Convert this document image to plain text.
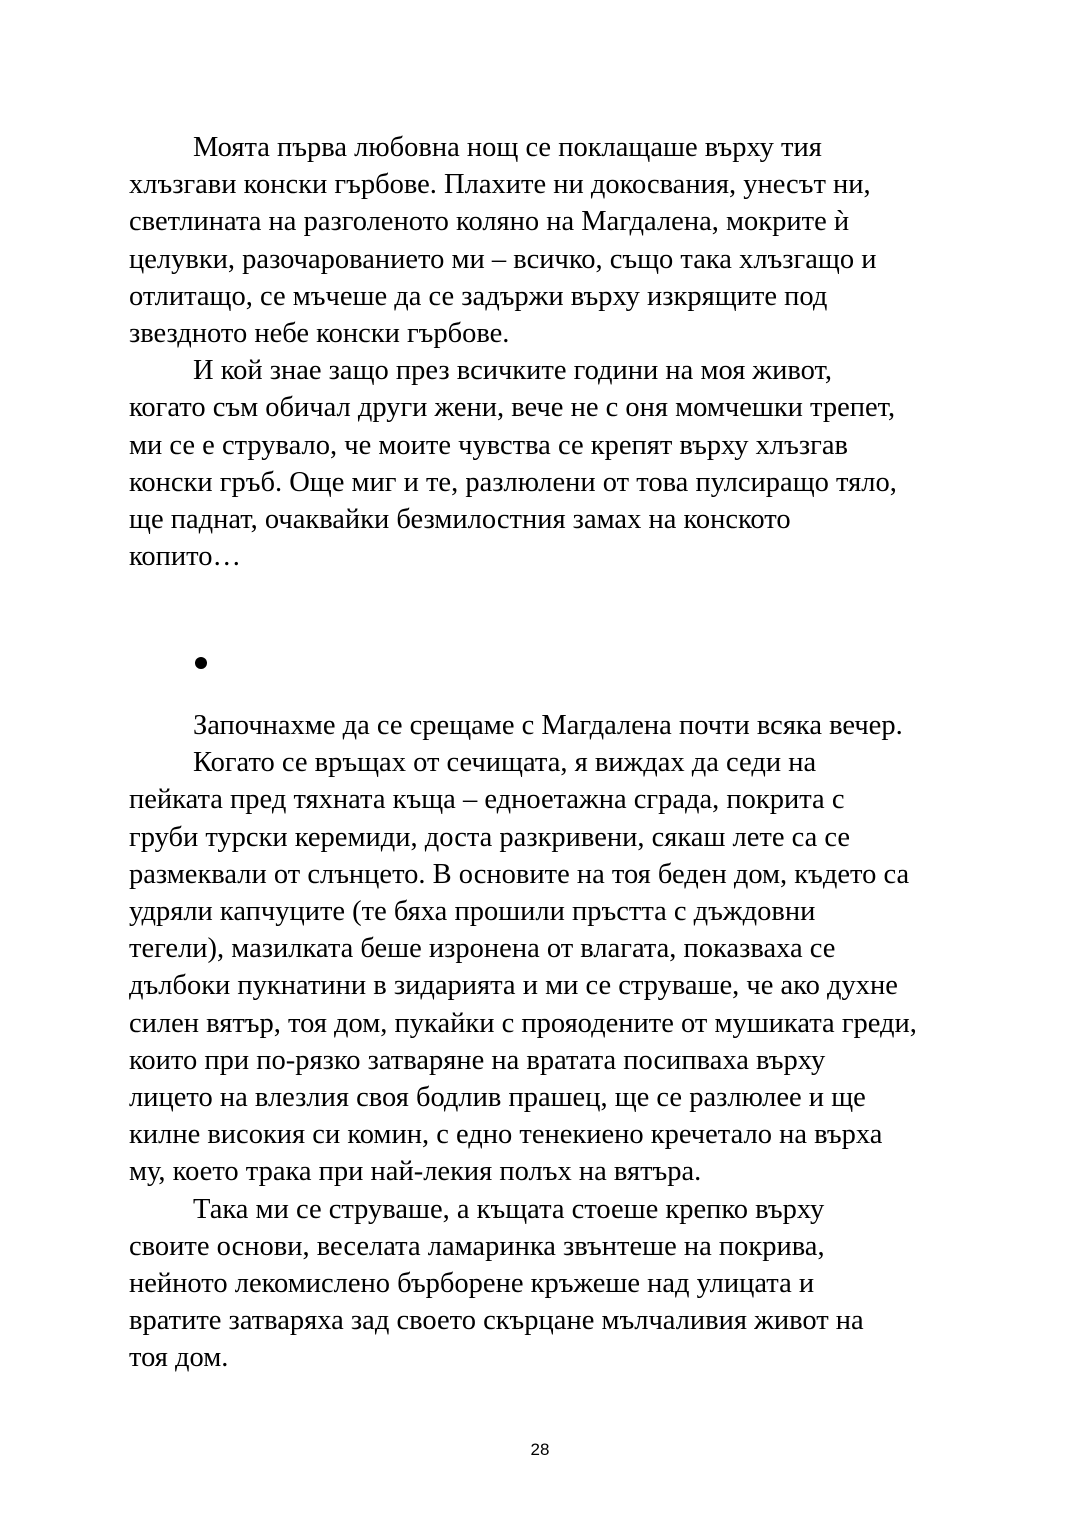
Моята първа любовна нощ се поклащаше върху тия
хлъзгави конски гърбове. Плахите ни докосвания, унесът ни,
светлината на разголеното коляно на Магдалена, мокрите ѝ
целувки, разочарованието ми – всичко, също така хлъзгащо и
отлитащо, се мъчеше да се задържи върху изкрящите под
звездното небе конски гърбове.
И кой знае защо през всичките години на моя живот,
когато съм обичал други жени, вече не с оня момчешки трепет,
ми се е струвало, че моите чувства се крепят върху хлъзгав
конски гръб. Още миг и те, разлюлени от това пулсиращо тяло,
ще паднат, очаквайки безмилостния замах на конското
копито…
Започнахме да се срещаме с Магдалена почти всяка вечер.
Когато се връщах от сечищата, я виждах да седи на
пейката пред тяхната къща – едноетажна сграда, покрита с
груби турски керемиди, доста разкривени, сякаш лете са се
размеквали от слънцето. В основите на тоя беден дом, където са
удряли капчуците (те бяха прошили пръстта с дъждовни
тегели), мазилката беше изронена от влагата, показваха се
дълбоки пукнатини в зидарията и ми се струваше, че ако духне
силен вятър, тоя дом, пукайки с прояодените от мушиката греди,
които при по-рязко затваряне на вратата посипваха върху
лицето на влезлия своя бодлив прашец, ще се разлюлее и ще
килне високия си комин, с едно тенекиено кречетало на върха
му, което трака при най-лекия полъх на вятъра.
Така ми се струваше, а къщата стоеше крепко върху
своите основи, веселата ламаринка звънтеше на покрива,
нейното лекомислено бърборене кръжеше над улицата и
вратите затваряха зад своето скърцане мълчаливия живот на
тоя дом.
28
